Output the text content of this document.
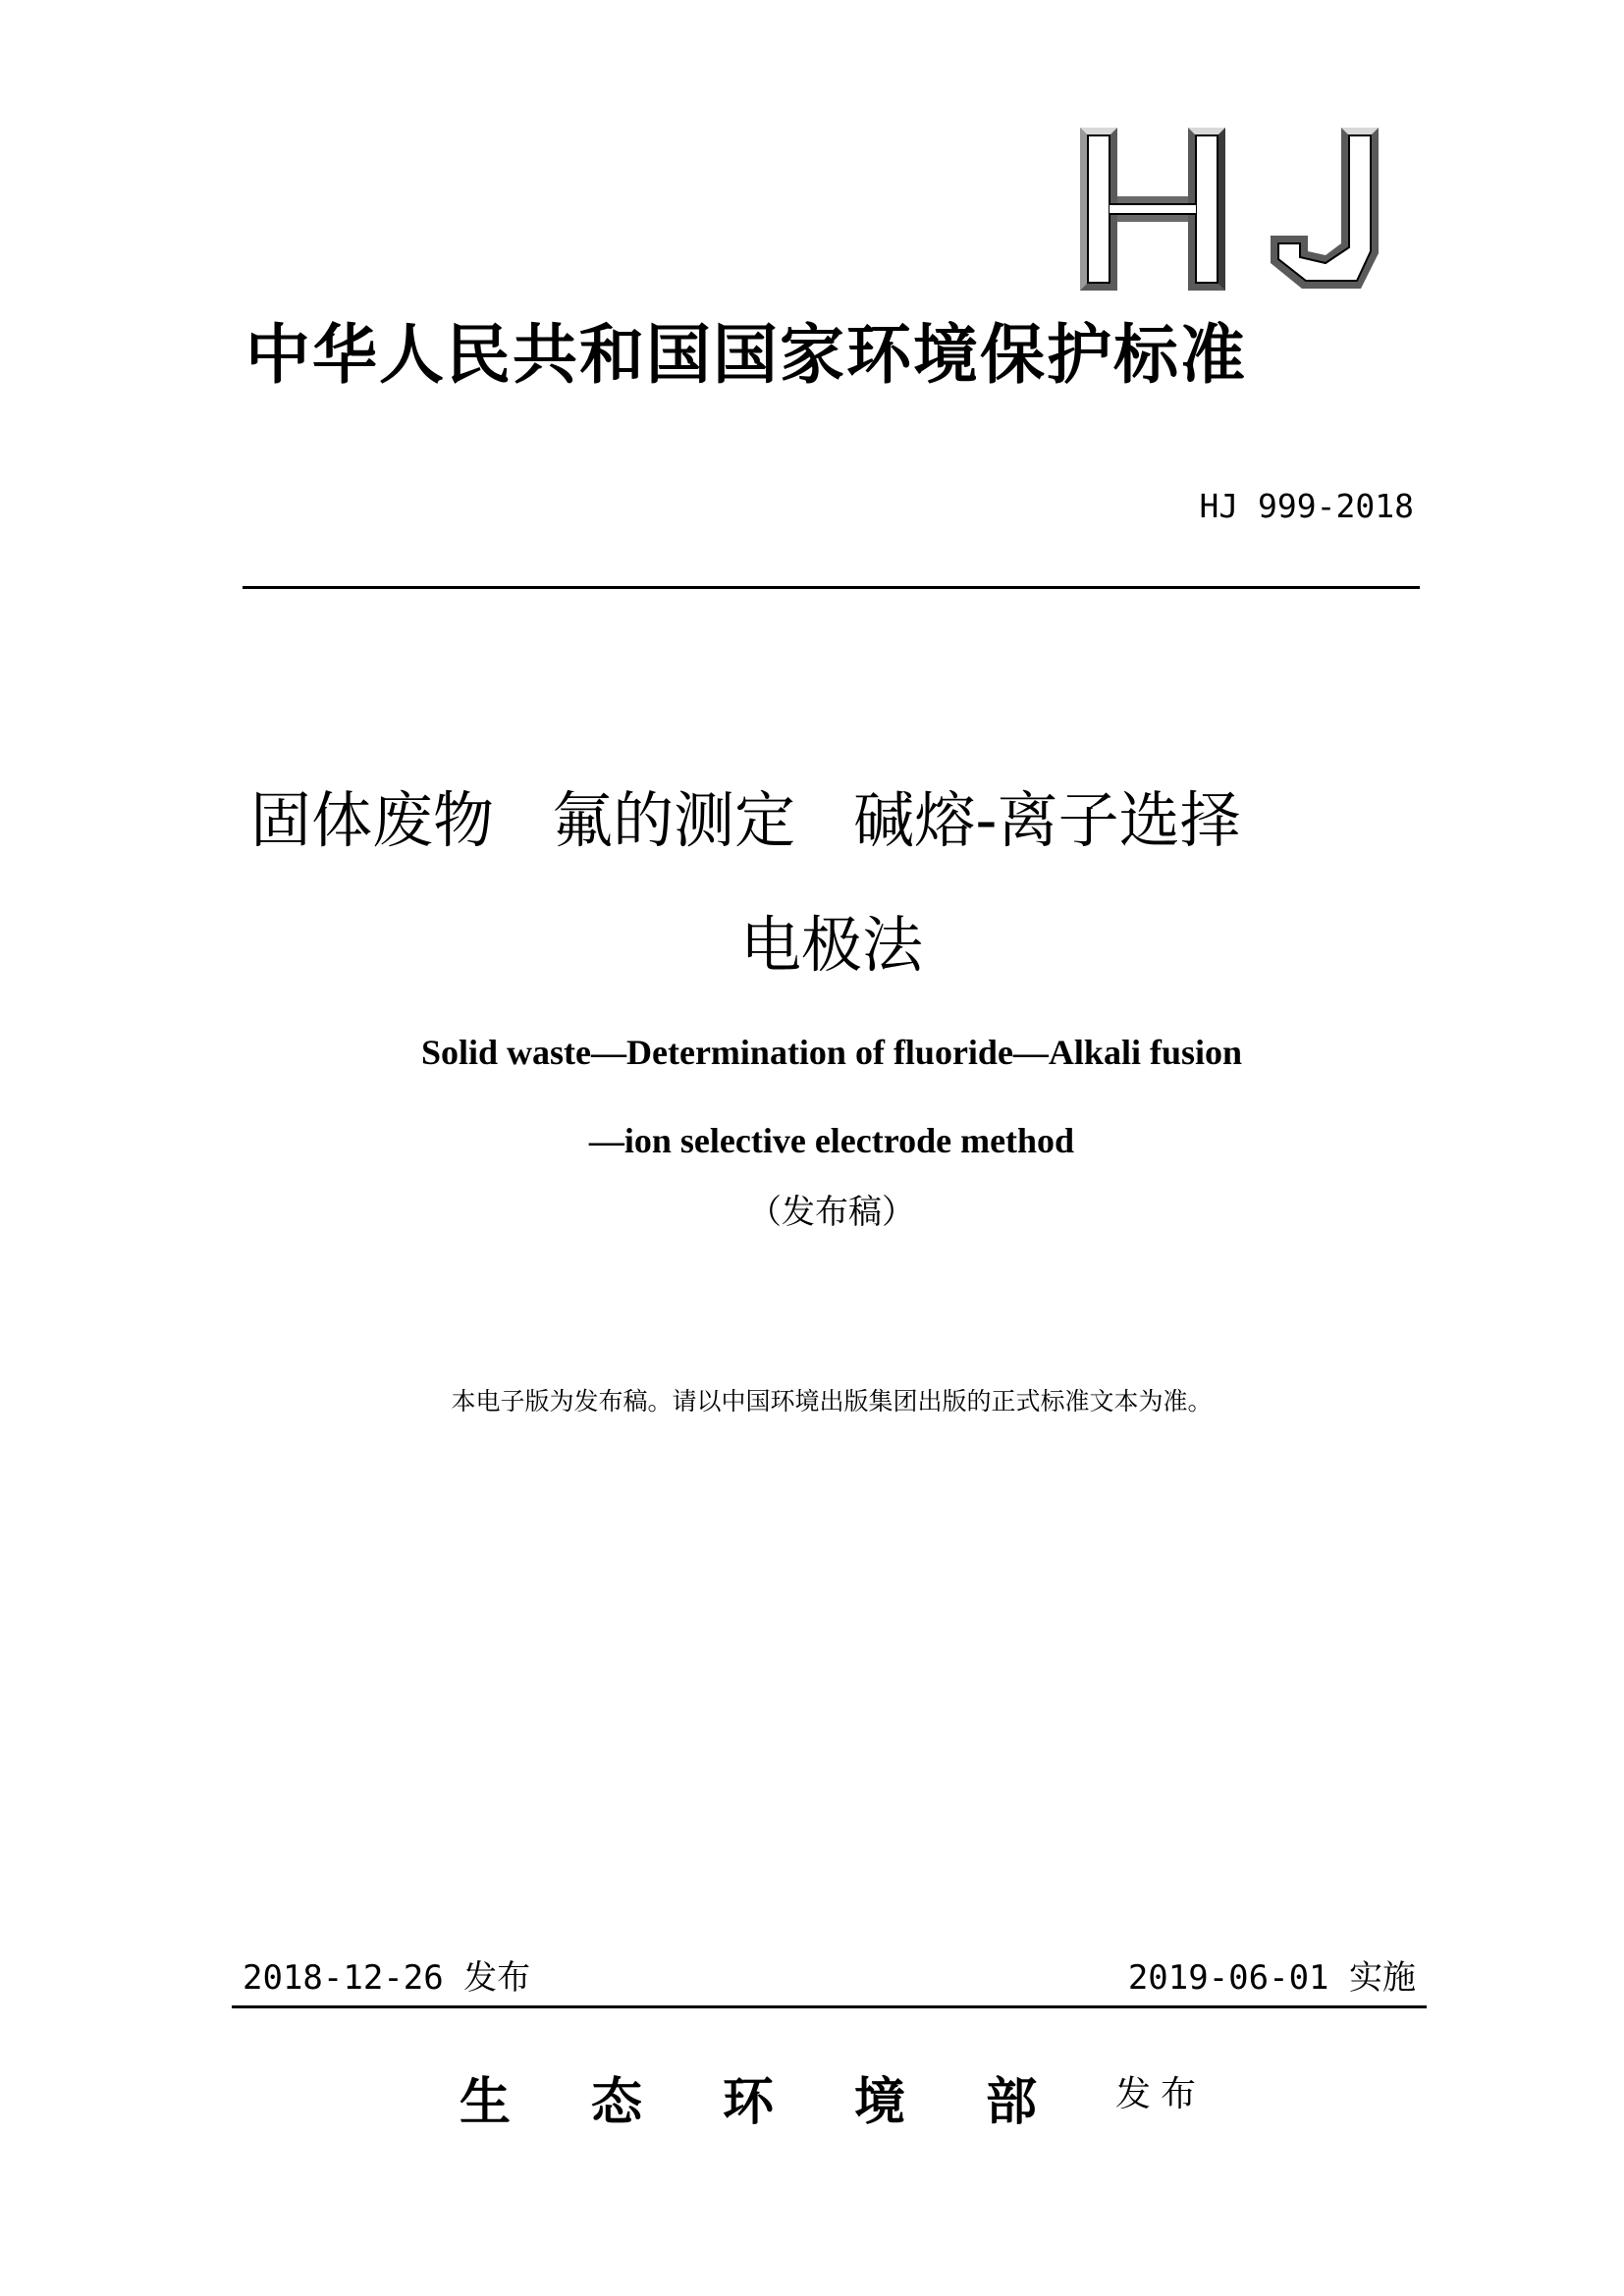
中华人民共和国国家环境保护标准
HJ 999-2018
固体废物   氟的测定   碱熔-离子选择
电极法
Solid waste—Determination of fluoride—Alkali fusion
—ion selective electrode method
（发布稿）
本电子版为发布稿。请以中国环境出版集团出版的正式标准文本为准。
2018-12-26 发布	2019-06-01 实施
生态环境部
发布
